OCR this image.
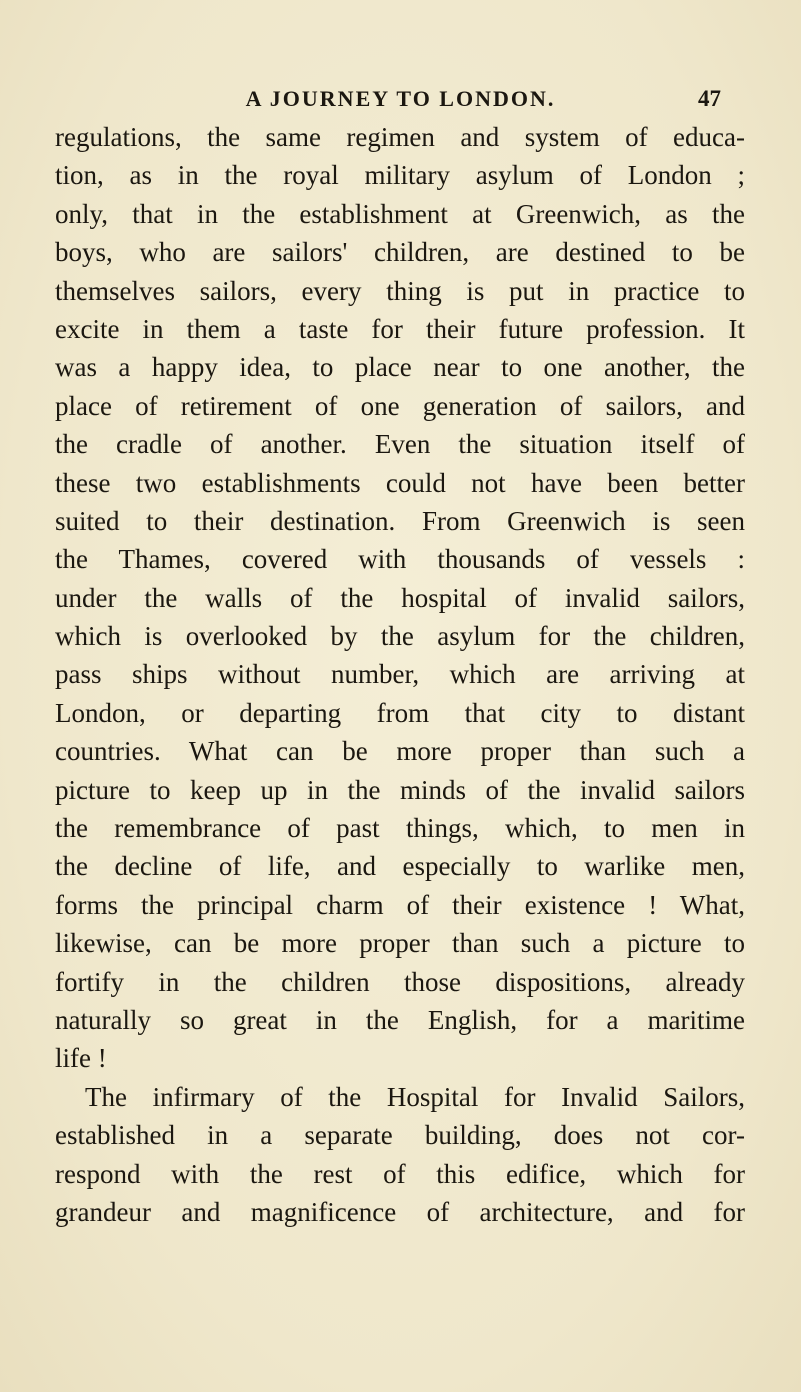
A JOURNEY TO LONDON.	47
regulations, the same regimen and system of educa-
tion, as in the royal military asylum of London ;
only, that in the establishment at Greenwich, as the
boys, who are sailors' children, are destined to be
themselves sailors, every thing is put in practice to
excite in them a taste for their future profession. It
was a happy idea, to place near to one another, the
place of retirement of one generation of sailors, and
the cradle of another. Even the situation itself of
these two establishments could not have been better
suited to their destination. From Greenwich is seen
the Thames, covered with thousands of vessels :
under the walls of the hospital of invalid sailors,
which is overlooked by the asylum for the children,
pass ships without number, which are arriving at
London, or departing from that city to distant
countries. What can be more proper than such a
picture to keep up in the minds of the invalid sailors
the remembrance of past things, which, to men in
the decline of life, and especially to warlike men,
forms the principal charm of their existence ! What,
likewise, can be more proper than such a picture to
fortify in the children those dispositions, already
naturally so great in the English, for a maritime
life !
The infirmary of the Hospital for Invalid Sailors,
established in a separate building, does not cor-
respond with the rest of this edifice, which for
grandeur and magnificence of architecture, and for
